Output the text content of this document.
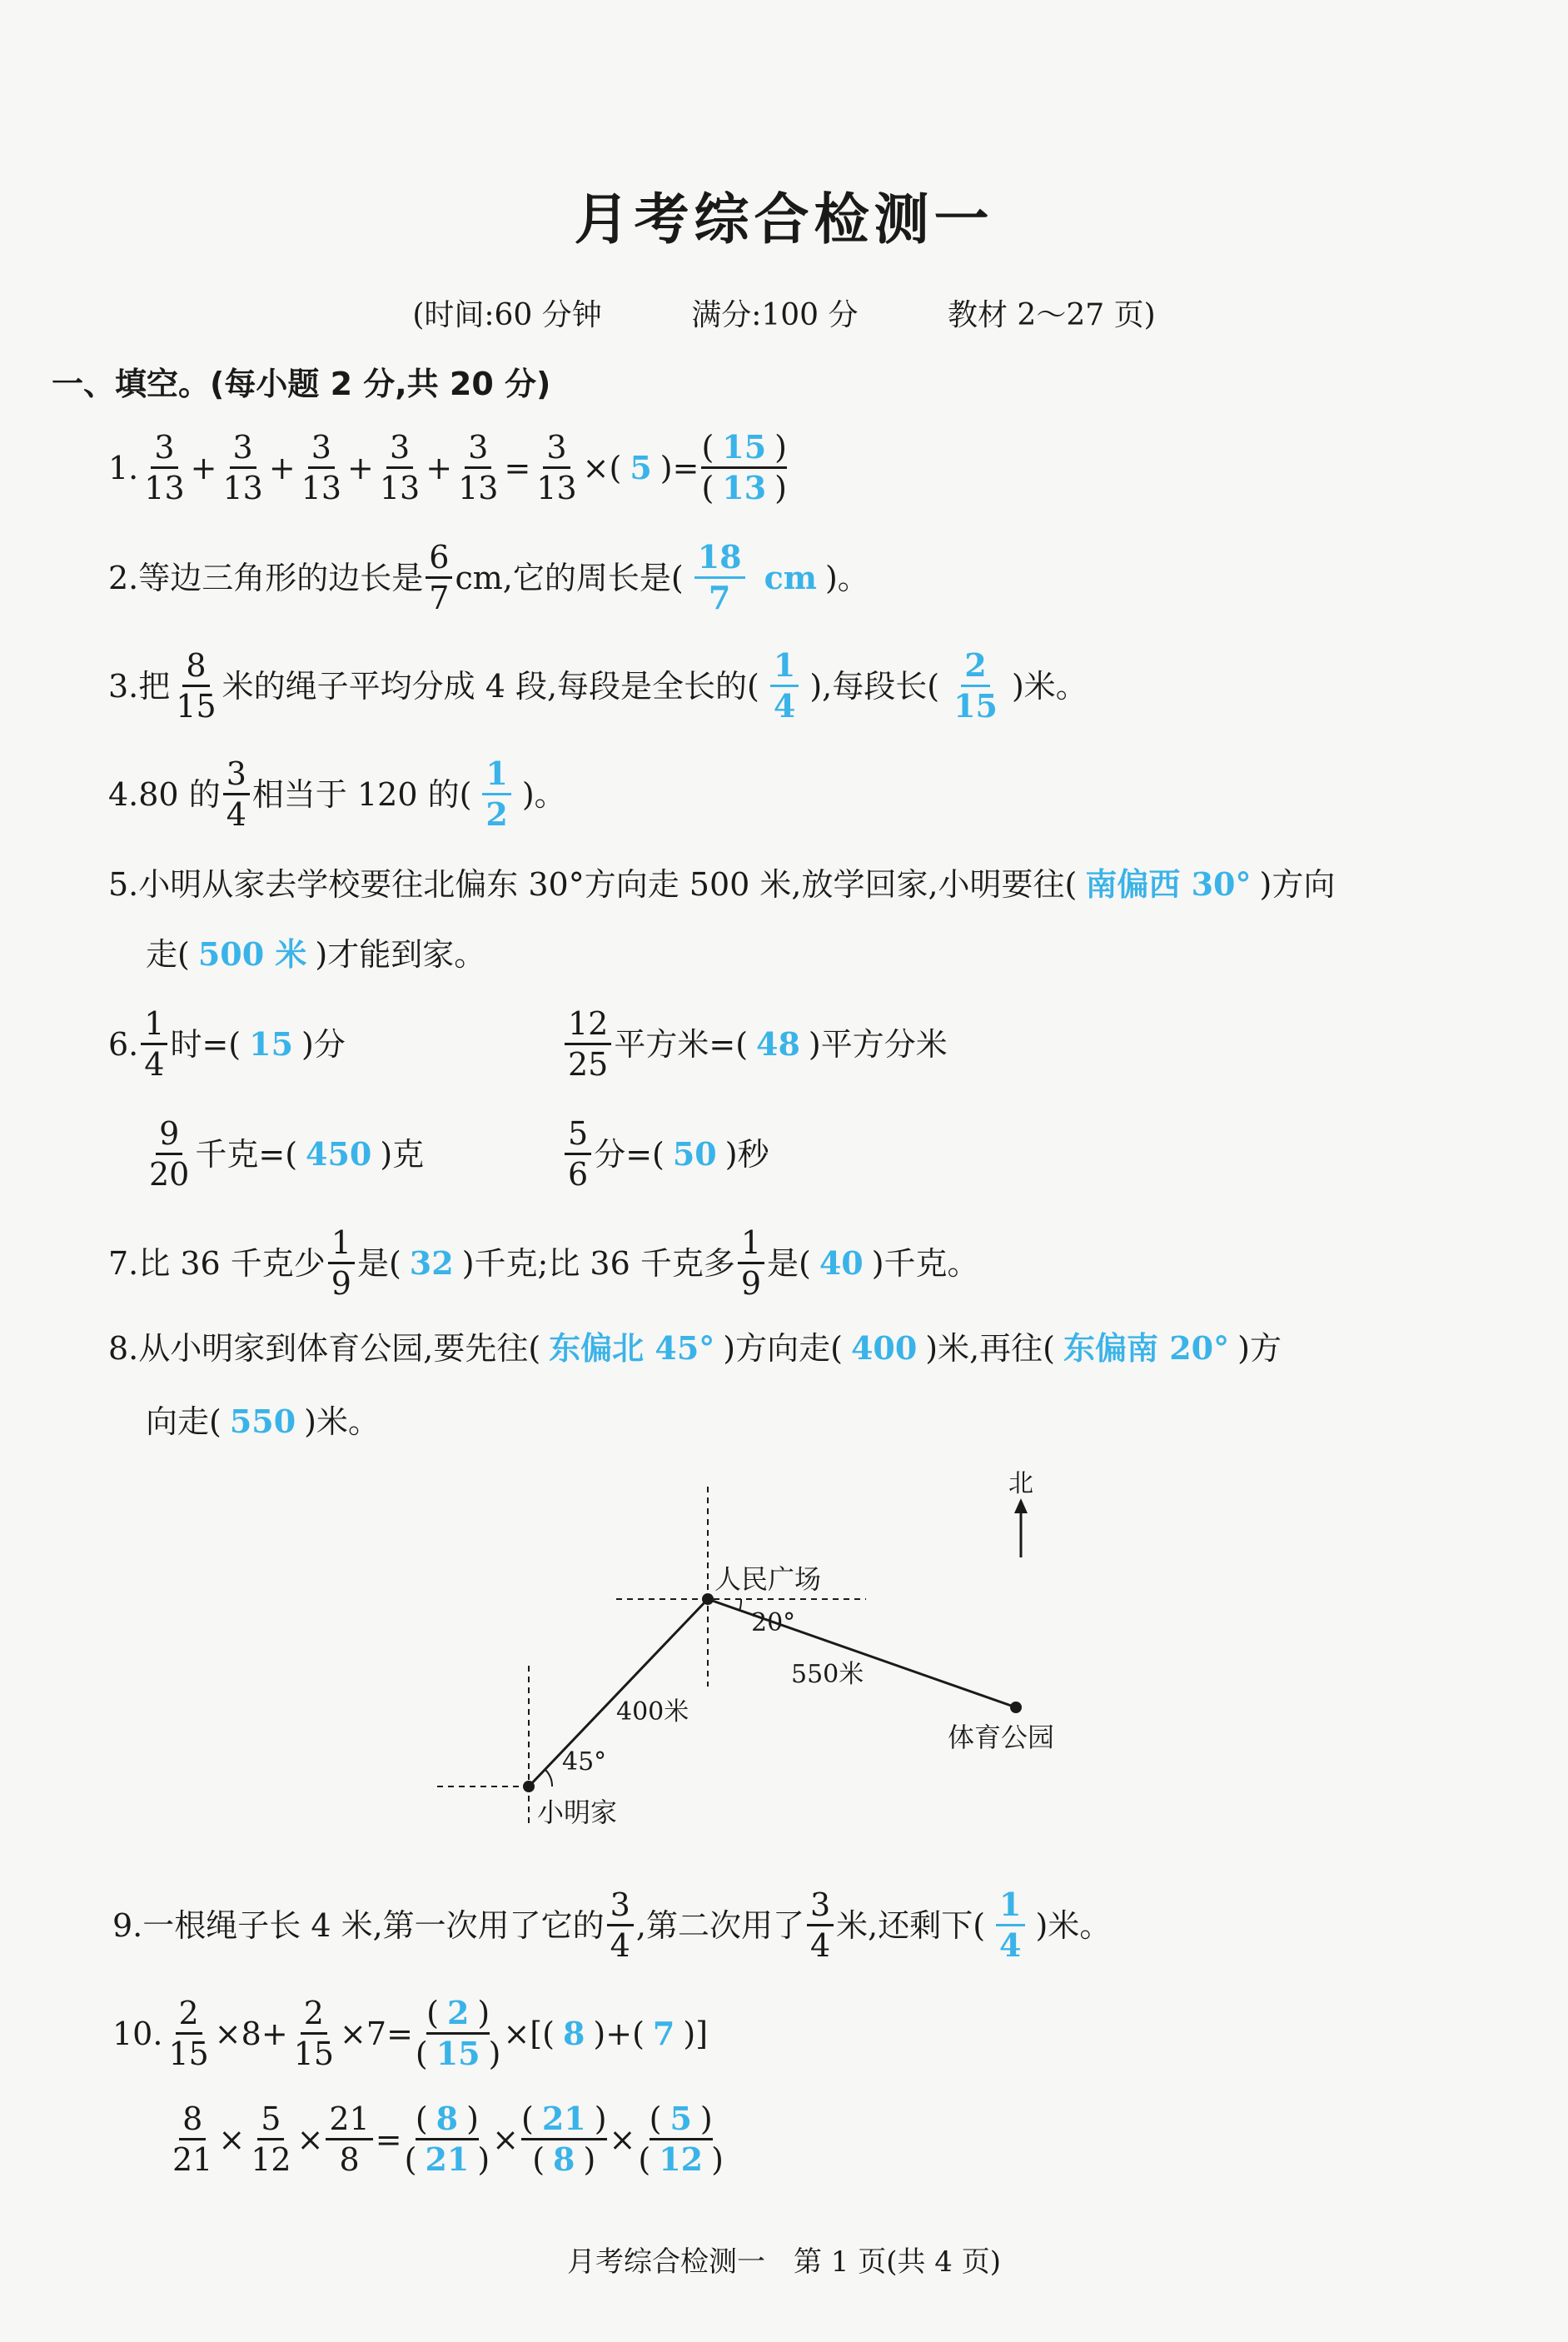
月考综合检测一
(时间:60 分钟	满分:100 分	教材 2～27 页)
一、填空。(每小题 2 分,共 20 分)
1. $\frac{3}{13} + \frac{3}{13} + \frac{3}{13} + \frac{3}{13} + \frac{3}{13} = \frac{3}{13}$ × ( 5 ) = $\frac{( 15 )}{( 13 )}$
2.等边三角形的边长是 $\frac{6}{7}$ cm,它的周长是( $\frac{18}{7}$ cm )。
3.把 $\frac{8}{15}$ 米的绳子平均分成 4 段,每段是全长的( $\frac{1}{4}$ ),每段长( $\frac{2}{15}$ )米。
4.80 的 $\frac{3}{4}$ 相当于 120 的( $\frac{1}{2}$ )。
5.小明从家去学校要往北偏东 30°方向走 500 米,放学回家,小明要往( 南偏西 30° )方向
走( 500 米 )才能到家。
6. $\frac{1}{4}$ 时=( 15 )分	$\frac{12}{25}$ 平方米=( 48 )平方分米
$\frac{9}{20}$ 千克=( 450 )克	$\frac{5}{6}$ 分=( 50 )秒
7.比 36 千克少 $\frac{1}{9}$ 是( 32 )千克;比 36 千克多 $\frac{1}{9}$ 是( 40 )千克。
8.从小明家到体育公园,要先往( 东偏北 45° )方向走( 400 )米,再往( 东偏南 20° )方
向走( 550 )米。
北
人民广场
小明家
体育公园
400米
550米
45°
20°
9.一根绳子长 4 米,第一次用了它的 $\frac{3}{4}$ ,第二次用了 $\frac{3}{4}$ 米,还剩下( $\frac{1}{4}$ )米。
10. $\frac{2}{15} \times 8 + \frac{2}{15} \times 7 = \frac{( 2 )}{( 15 )}$ × [ ( 8 ) + ( 7 ) ]
$\frac{8}{21} \times \frac{5}{12} \times \frac{21}{8} = \frac{( 8 )}{( 21 )} \times \frac{( 21 )}{( 8 )} \times \frac{( 5 )}{( 12 )}$
月考综合检测一　第 1 页(共 4 页)
